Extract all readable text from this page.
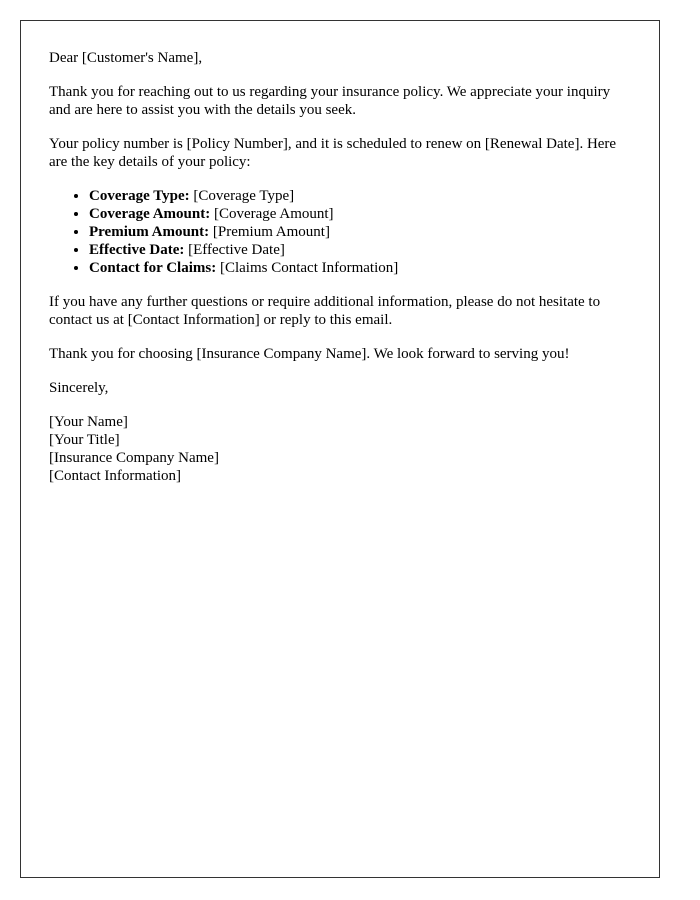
Dear [Customer's Name],

Thank you for reaching out to us regarding your insurance policy. We appreciate your inquiry and are here to assist you with the details you seek.

Your policy number is [Policy Number], and it is scheduled to renew on [Renewal Date]. Here are the key details of your policy:

• Coverage Type: [Coverage Type]
• Coverage Amount: [Coverage Amount]
• Premium Amount: [Premium Amount]
• Effective Date: [Effective Date]
• Contact for Claims: [Claims Contact Information]

If you have any further questions or require additional information, please do not hesitate to contact us at [Contact Information] or reply to this email.

Thank you for choosing [Insurance Company Name]. We look forward to serving you!

Sincerely,

[Your Name]
[Your Title]
[Insurance Company Name]
[Contact Information]
